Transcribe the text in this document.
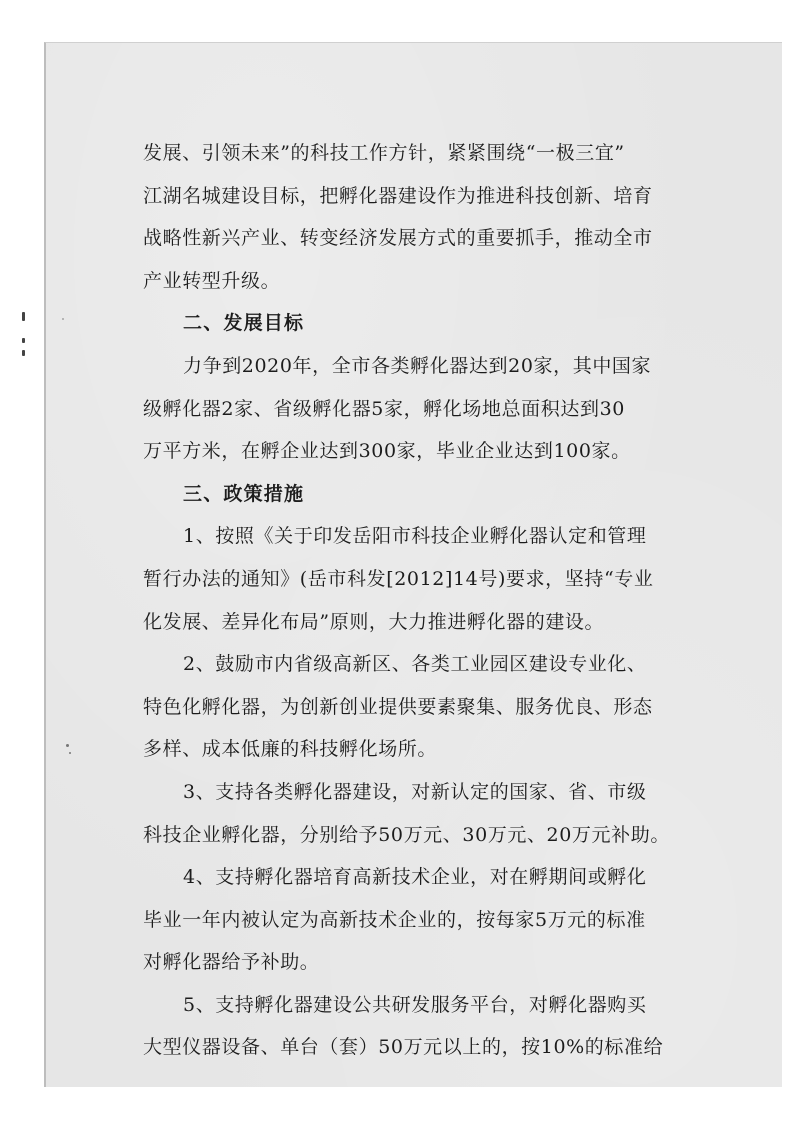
发展、引领未来”的科技工作方针，紧紧围绕“一极三宜”
江湖名城建设目标，把孵化器建设作为推进科技创新、培育
战略性新兴产业、转变经济发展方式的重要抓手，推动全市
产业转型升级。
二、发展目标
力争到2020年，全市各类孵化器达到20家，其中国家
级孵化器2家、省级孵化器5家，孵化场地总面积达到30
万平方米，在孵企业达到300家，毕业企业达到100家。
三、政策措施
1、按照《关于印发岳阳市科技企业孵化器认定和管理
暂行办法的通知》(岳市科发[2012]14号)要求，坚持“专业
化发展、差异化布局”原则，大力推进孵化器的建设。
2、鼓励市内省级高新区、各类工业园区建设专业化、
特色化孵化器，为创新创业提供要素聚集、服务优良、形态
多样、成本低廉的科技孵化场所。
3、支持各类孵化器建设，对新认定的国家、省、市级
科技企业孵化器，分别给予50万元、30万元、20万元补助。
4、支持孵化器培育高新技术企业，对在孵期间或孵化
毕业一年内被认定为高新技术企业的，按每家5万元的标准
对孵化器给予补助。
5、支持孵化器建设公共研发服务平台，对孵化器购买
大型仪器设备、单台（套）50万元以上的，按10%的标准给
